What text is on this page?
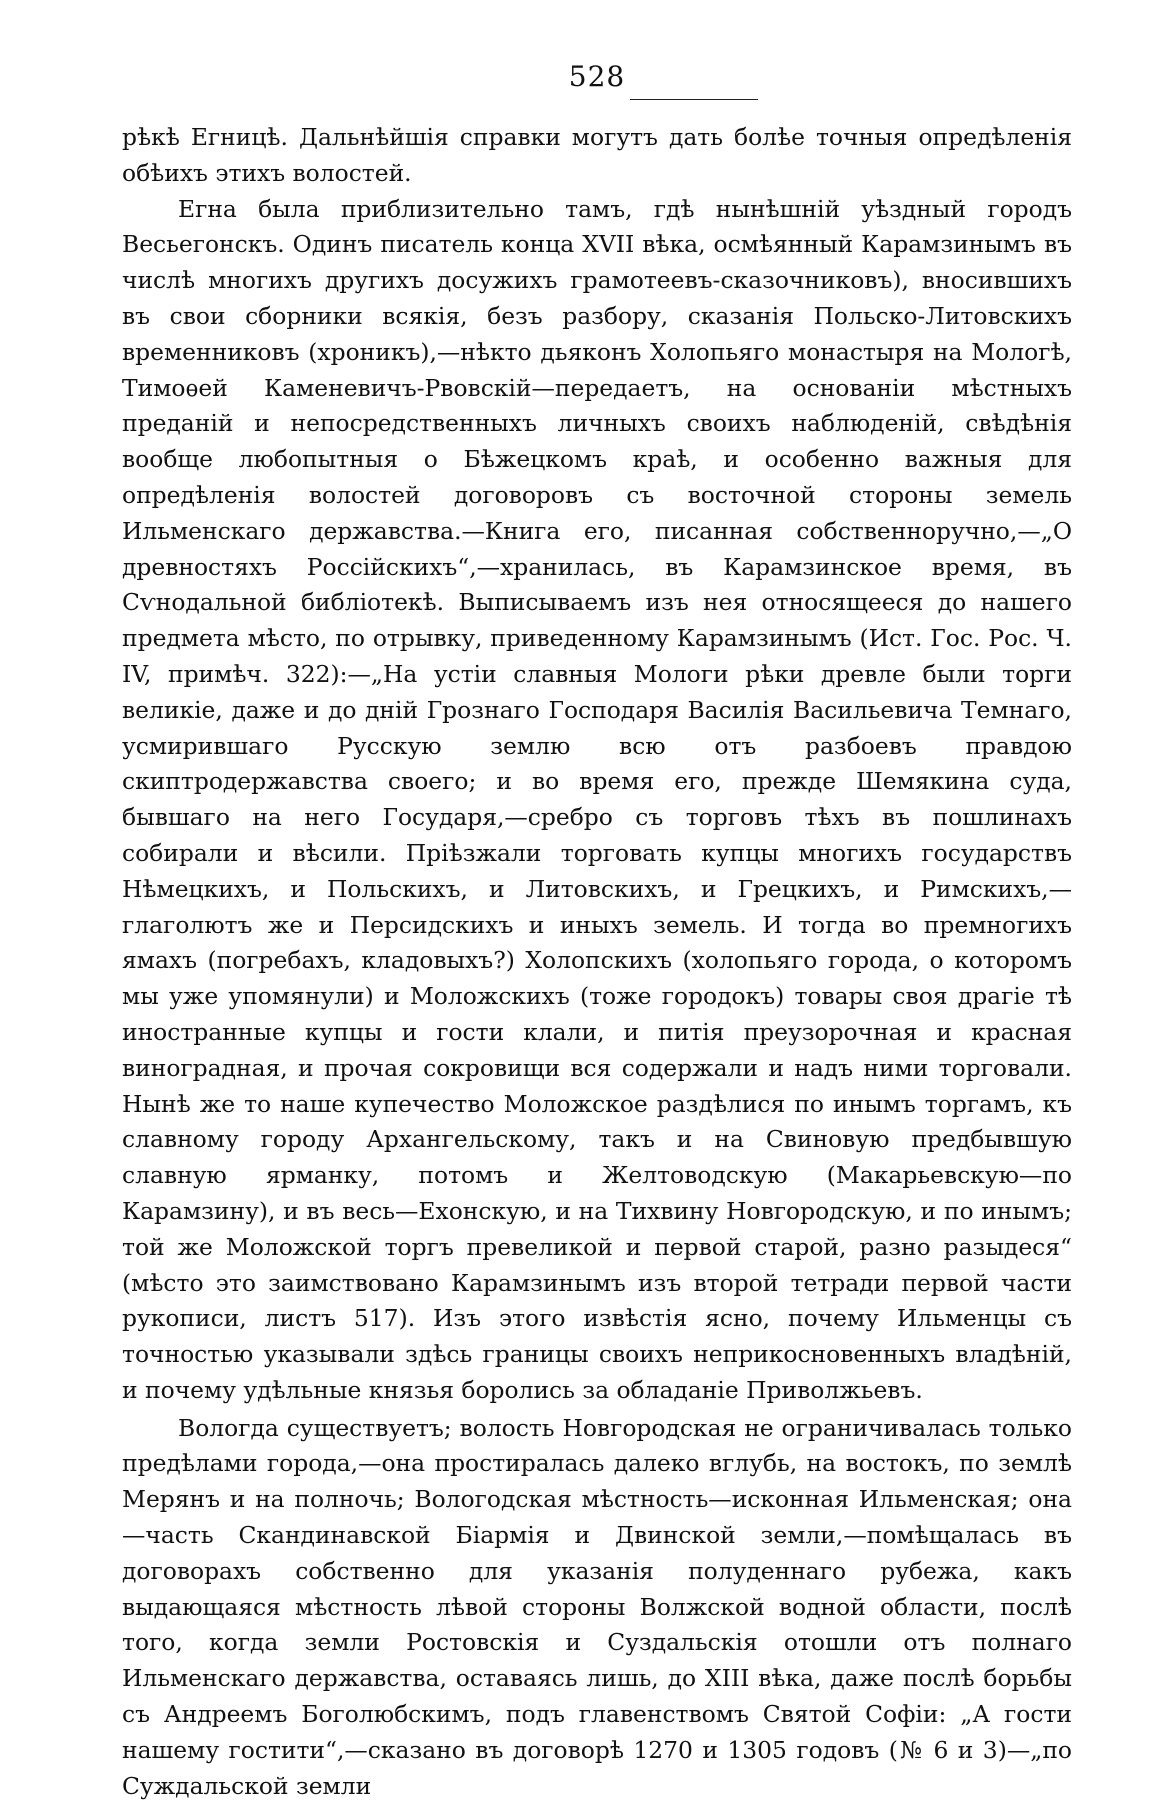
528

рѣкѣ Егницѣ. Дальнѣйшія справки могутъ дать болѣе точныя опредѣленія обѣихъ этихъ волостей.

Егна была приблизительно тамъ, гдѣ нынѣшній уѣздный городъ Весьегонскъ. Одинъ писатель конца XVII вѣка, осмѣянный Карамзинымъ въ числѣ многихъ другихъ досужихъ грамотеевъ-сказочниковъ), вносившихъ въ свои сборники всякія, безъ разбору, сказанія Польско-Литовскихъ временниковъ (хроникъ),—нѣкто дьяконъ Холопьяго монастыря на Мологѣ, Тимоѳей Каменевичъ-Рвовскій—передаетъ, на основаніи мѣстныхъ преданій и непосредственныхъ личныхъ своихъ наблюденій, свѣдѣнія вообще любопытныя о Бѣжецкомъ краѣ, и особенно важныя для опредѣленія волостей договоровъ съ восточной стороны земель Ильменскаго державства.—Книга его, писанная собственноручно,—„О древностяхъ Россійскихъ“,—хранилась, въ Карамзинское время, въ Сѵнодальной библіотекѣ. Выписываемъ изъ нея относящееся до нашего предмета мѣсто, по отрывку, приведенному Карамзинымъ (Ист. Гос. Рос. Ч. IV, примѣч. 322):—„На устіи славныя Мологи рѣки древле были торги великіе, даже и до дній Грознаго Господаря Василія Васильевича Темнаго, усмирившаго Русскую землю всю отъ разбоевъ правдою скиптродержавства своего; и во время его, прежде Шемякина суда, бывшаго на него Государя,—сребро съ торговъ тѣхъ въ пошлинахъ собирали и вѣсили. Пріѣзжали торговать купцы многихъ государствъ Нѣмецкихъ, и Польскихъ, и Литовскихъ, и Грецкихъ, и Римскихъ,—глаголютъ же и Персидскихъ и иныхъ земель. И тогда во премногихъ ямахъ (погребахъ, кладовыхъ?) Холопскихъ (холопьяго города, о которомъ мы уже упомянули) и Моложскихъ (тоже городокъ) товары своя драгіе тѣ иностранные купцы и гости клали, и питія преузорочная и красная виноградная, и прочая сокровищи вся содержали и надъ ними торговали. Нынѣ же то наше купечество Моложское раздѣлися по инымъ торгамъ, къ славному городу Архангельскому, такъ и на Свиновую предбывшую славную ярманку, потомъ и Желтоводскую (Макарьевскую—по Карамзину), и въ весь—Ехонскую, и на Тихвину Новгородскую, и по инымъ; той же Моложской торгъ превеликой и первой старой, разно разыдеся“ (мѣсто это заимствовано Карамзинымъ изъ второй тетради первой части рукописи, листъ 517). Изъ этого извѣстія ясно, почему Ильменцы съ точностью указывали здѣсь границы своихъ неприкосновенныхъ владѣній, и почему удѣльные князья боролись за обладаніе Приволжьевъ.

Вологда существуетъ; волость Новгородская не ограничивалась только предѣлами города,—она простиралась далеко вглубь, на востокъ, по землѣ Мерянъ и на полночь; Вологодская мѣстность—исконная Ильменская; она—часть Скандинавской Біармія и Двинской земли,—помѣщалась въ договорахъ собственно для указанія полуденнаго рубежа, какъ выдающаяся мѣстность лѣвой стороны Волжской водной области, послѣ того, когда земли Ростовскія и Суздальскія отошли отъ полнаго Ильменскаго державства, оставаясь лишь, до XIII вѣка, даже послѣ борьбы съ Андреемъ Боголюбскимъ, подъ главенствомъ Святой Софіи: „А гости нашему гостити“,—сказано въ договорѣ 1270 и 1305 годовъ (№ 6 и 3)—„по Суждальской земли
